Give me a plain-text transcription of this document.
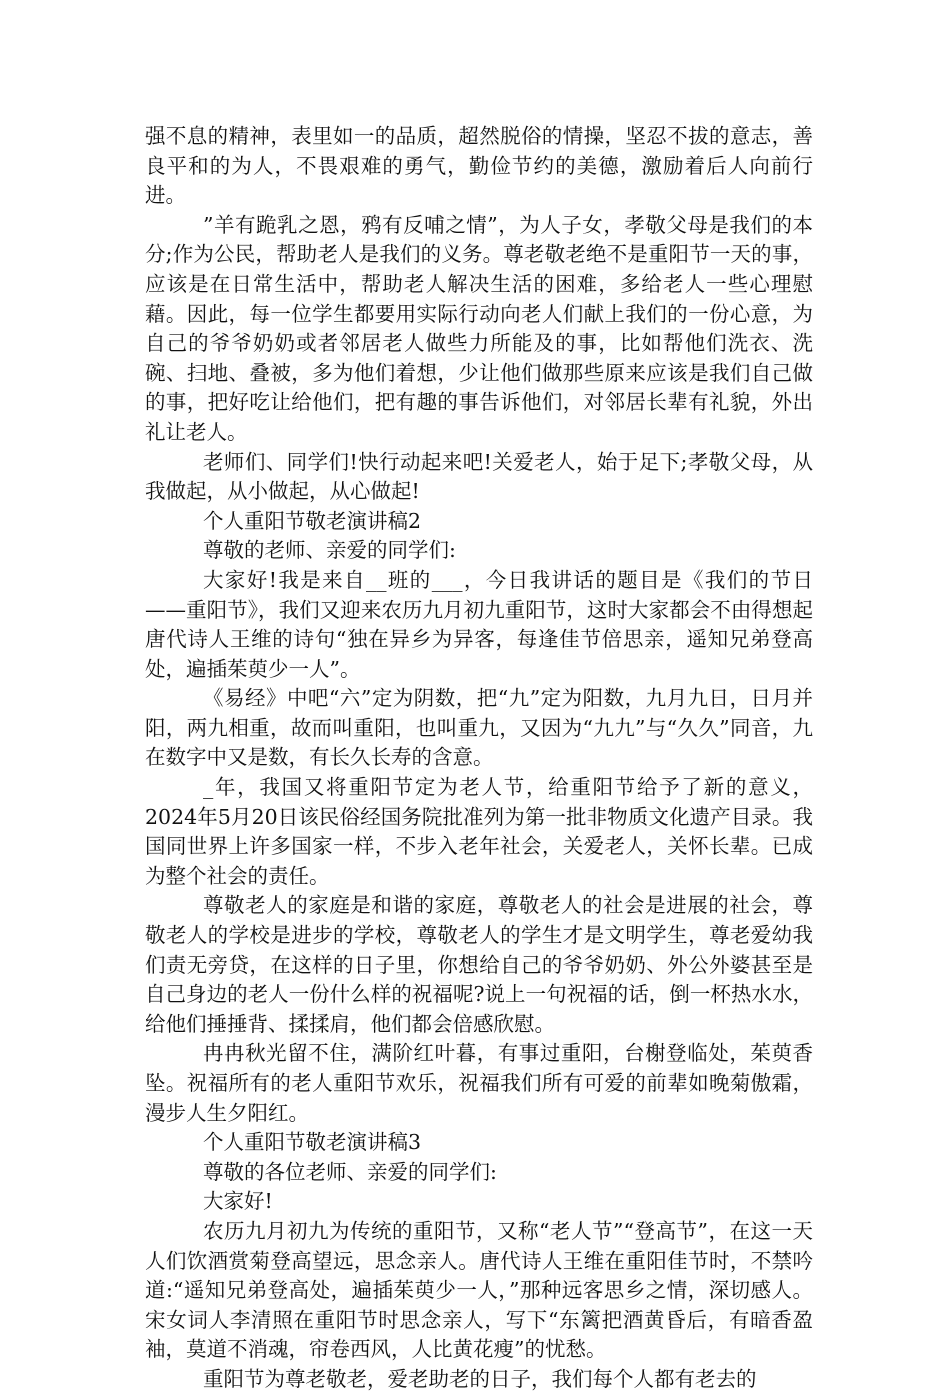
强不息的精神，表里如一的品质，超然脱俗的情操，坚忍不拔的意志，善良平和的为人，不畏艰难的勇气，勤俭节约的美德，激励着后人向前行进。

”羊有跪乳之恩，鸦有反哺之情”，为人子女，孝敬父母是我们的本分;作为公民，帮助老人是我们的义务。尊老敬老绝不是重阳节一天的事，应该是在日常生活中，帮助老人解决生活的困难，多给老人一些心理慰藉。因此，每一位学生都要用实际行动向老人们献上我们的一份心意，为自己的爷爷奶奶或者邻居老人做些力所能及的事，比如帮他们洗衣、洗碗、扫地、叠被，多为他们着想，少让他们做那些原来应该是我们自己做的事，把好吃让给他们，把有趣的事告诉他们，对邻居长辈有礼貌，外出礼让老人。

老师们、同学们!快行动起来吧!关爱老人，始于足下;孝敬父母，从我做起，从小做起，从心做起!

个人重阳节敬老演讲稿2

尊敬的老师、亲爱的同学们:

大家好!我是来自__班的___，今日我讲话的题目是《我们的节日——重阳节》，我们又迎来农历九月初九重阳节，这时大家都会不由得想起唐代诗人王维的诗句“独在异乡为异客，每逢佳节倍思亲，遥知兄弟登高处，遍插茱萸少一人”。

《易经》中吧“六”定为阴数，把“九”定为阳数，九月九日，日月并阳，两九相重，故而叫重阳，也叫重九，又因为“九九”与“久久”同音，九在数字中又是数，有长久长寿的含意。

_年，我国又将重阳节定为老人节，给重阳节给予了新的意义，2024年5月20日该民俗经国务院批准列为第一批非物质文化遗产目录。我国同世界上许多国家一样，不步入老年社会，关爱老人，关怀长辈。已成为整个社会的责任。

尊敬老人的家庭是和谐的家庭，尊敬老人的社会是进展的社会，尊敬老人的学校是进步的学校，尊敬老人的学生才是文明学生，尊老爱幼我们责无旁贷，在这样的日子里，你想给自己的爷爷奶奶、外公外婆甚至是自己身边的老人一份什么样的祝福呢?说上一句祝福的话，倒一杯热水水，给他们捶捶背、揉揉肩，他们都会倍感欣慰。

冉冉秋光留不住，满阶红叶暮，有事过重阳，台榭登临处，茱萸香坠。祝福所有的老人重阳节欢乐，祝福我们所有可爱的前辈如晚菊傲霜，漫步人生夕阳红。

个人重阳节敬老演讲稿3

尊敬的各位老师、亲爱的同学们:

大家好!

农历九月初九为传统的重阳节，又称“老人节”“登高节”，在这一天人们饮酒赏菊登高望远，思念亲人。唐代诗人王维在重阳佳节时，不禁吟道:“遥知兄弟登高处，遍插茱萸少一人，”那种远客思乡之情，深切感人。宋女词人李清照在重阳节时思念亲人，写下“东篱把酒黄昏后，有暗香盈袖，莫道不消魂，帘卷西风，人比黄花瘦”的忧愁。

重阳节为尊老敬老，爱老助老的日子，我们每个人都有老去的
